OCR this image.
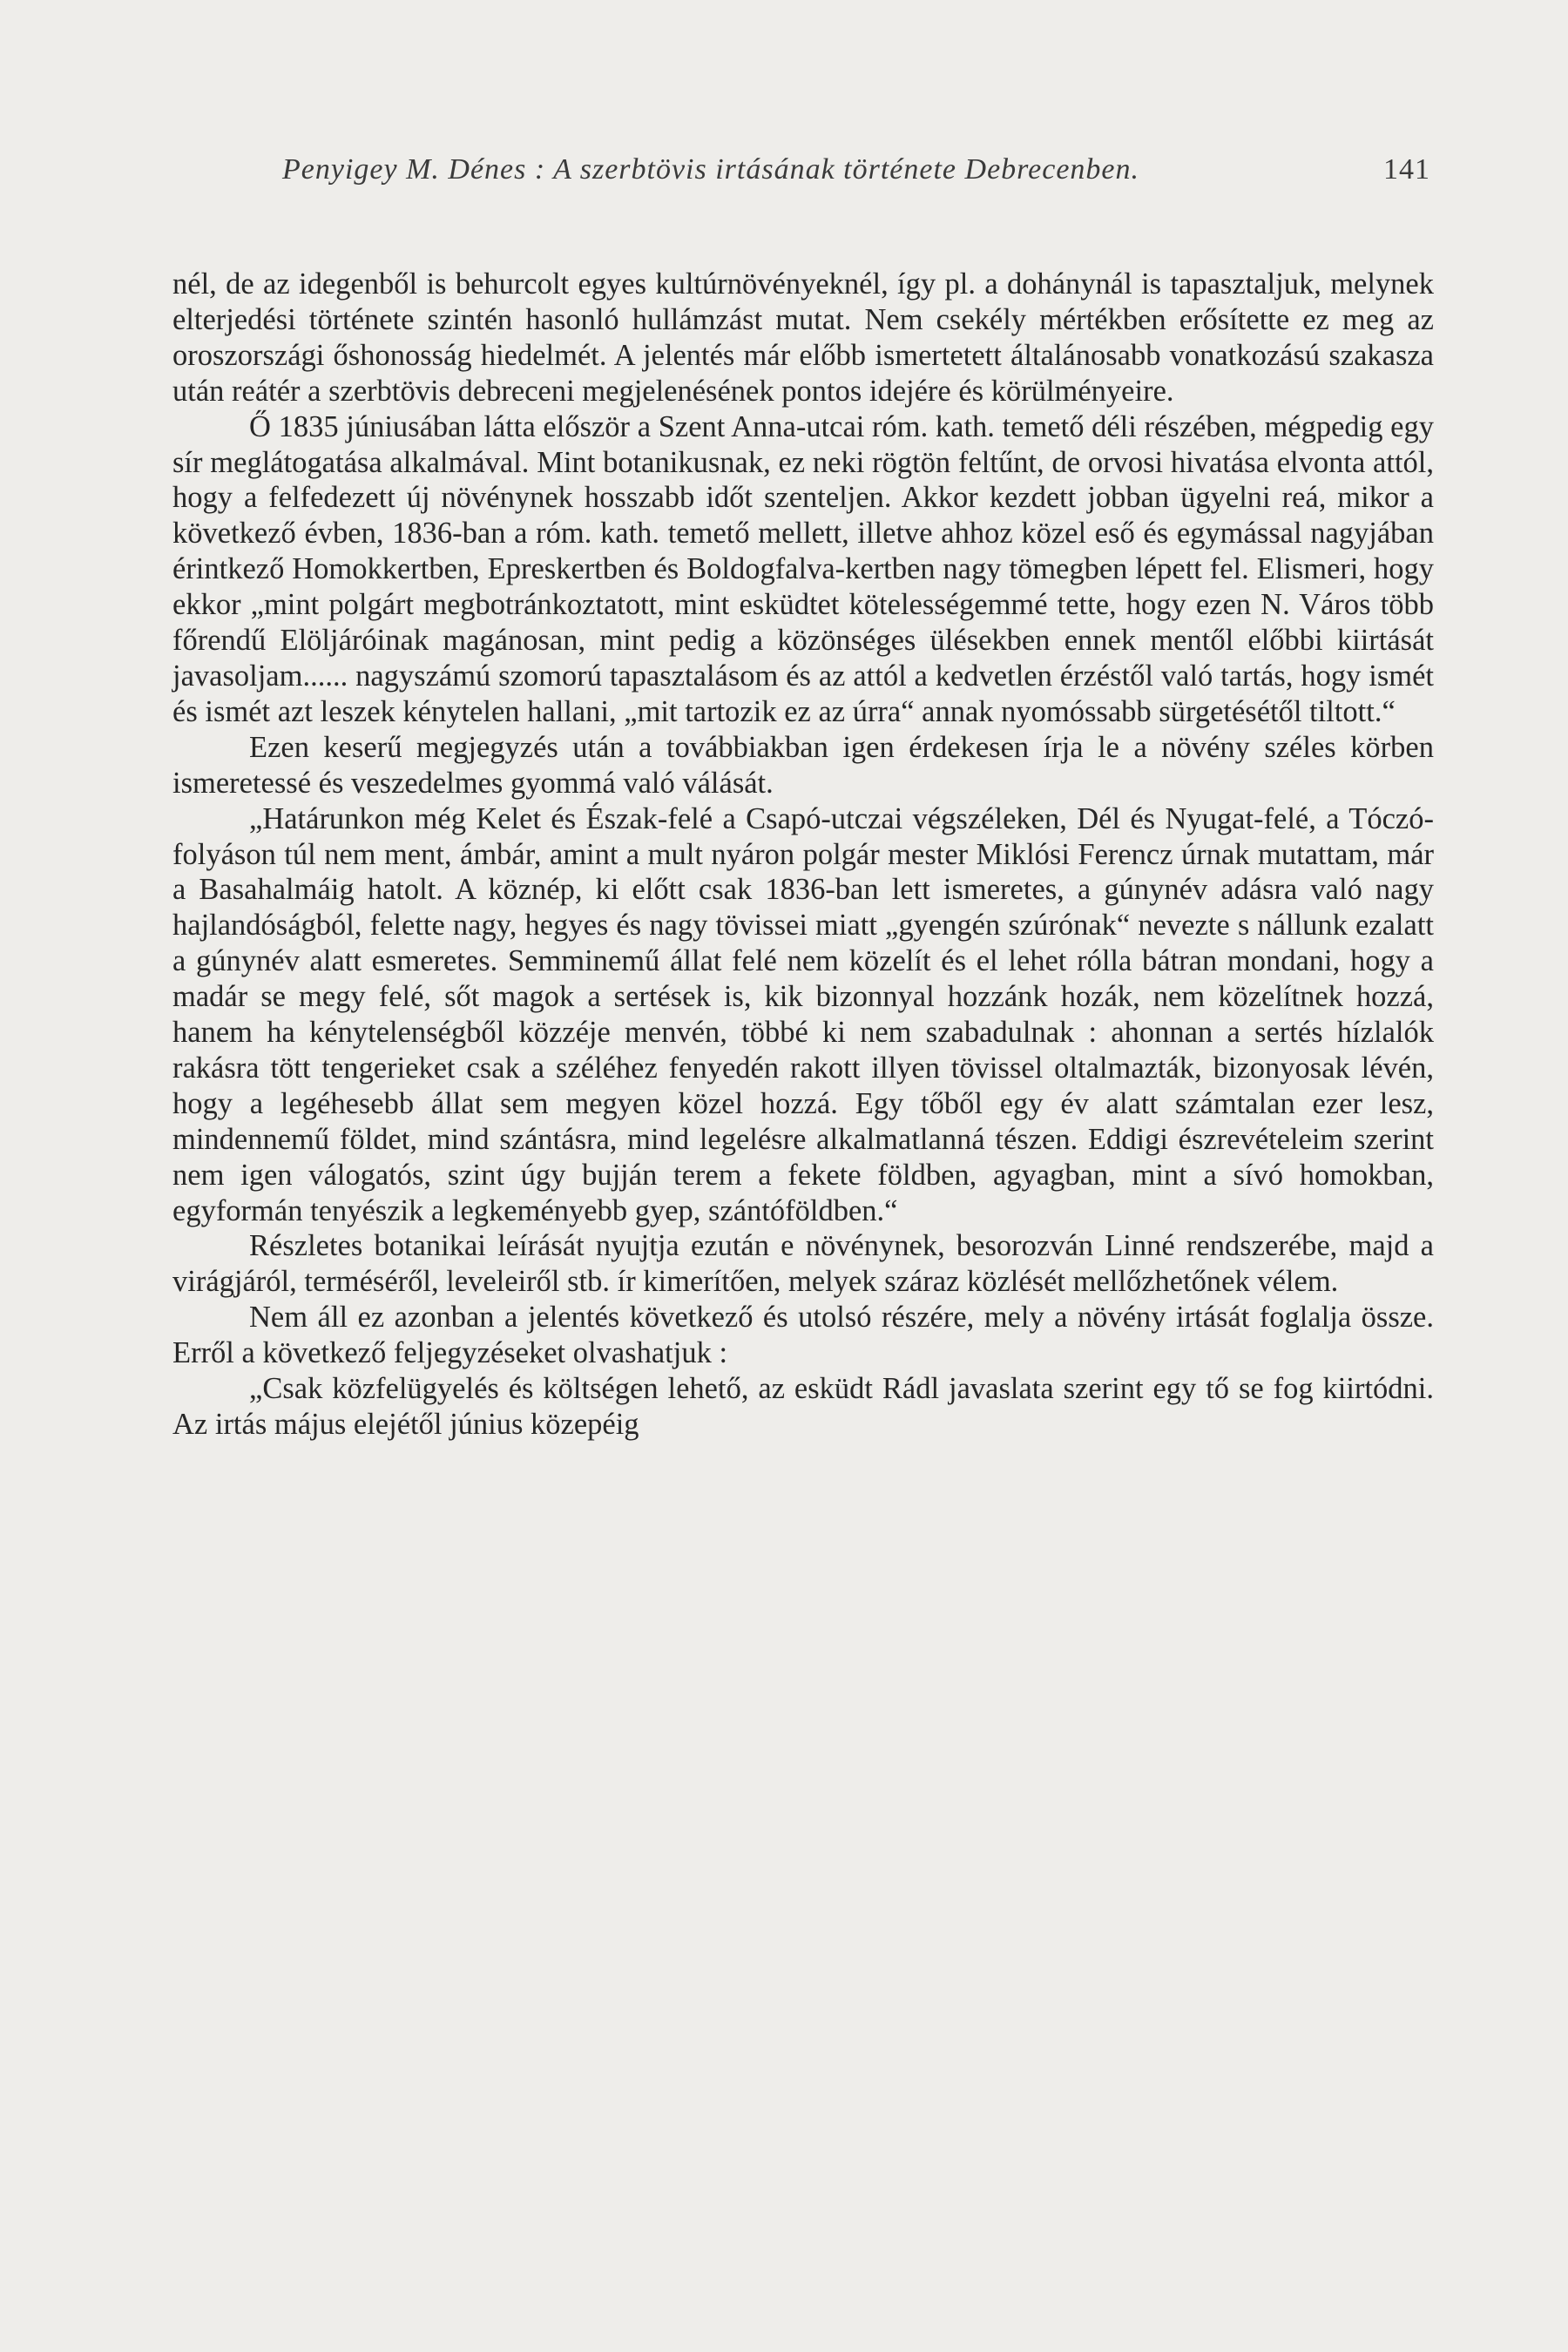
Penyigey M. Dénes : A szerbtövis irtásának története Debrecenben.	141

nél, de az idegenből is behurcolt egyes kultúrnövényeknél, így pl. a dohánynál is tapasztaljuk, melynek elterjedési története szintén hasonló hullámzást mutat. Nem csekély mértékben erősítette ez meg az oroszországi őshonosság hiedelmét. A jelentés már előbb ismertetett általánosabb vonatkozású szakasza után reátér a szerbtövis debreceni megjelenésének pontos idejére és körülményeire.

Ő 1835 júniusában látta először a Szent Anna-utcai róm. kath. temető déli részében, mégpedig egy sír meglátogatása alkalmával. Mint botanikusnak, ez neki rögtön feltűnt, de orvosi hivatása elvonta attól, hogy a felfedezett új növénynek hosszabb időt szenteljen. Akkor kezdett jobban ügyelni reá, mikor a következő évben, 1836-ban a róm. kath. temető mellett, illetve ahhoz közel eső és egymással nagyjában érintkező Homokkertben, Epreskertben és Boldogfalva-kertben nagy tömegben lépett fel. Elismeri, hogy ekkor „mint polgárt megbotránkoztatott, mint esküdtet kötelességemmé tette, hogy ezen N. Város több főrendű Elöljáróinak magánosan, mint pedig a közönséges ülésekben ennek mentől előbbi kiirtását javasoljam...... nagyszámú szomorú tapasztalásom és az attól a kedvetlen érzéstől való tartás, hogy ismét és ismét azt leszek kénytelen hallani, „mit tartozik ez az úrra“ annak nyomóssabb sürgetésétől tiltott.“

Ezen keserű megjegyzés után a továbbiakban igen érdekesen írja le a növény széles körben ismeretessé és veszedelmes gyommá való válását.

„Határunkon még Kelet és Észak-felé a Csapó-utczai végszéleken, Dél és Nyugat-felé, a Tóczó-folyáson túl nem ment, ámbár, amint a mult nyáron polgár mester Miklósi Ferencz úrnak mutattam, már a Basahalmáig hatolt. A köznép, ki előtt csak 1836-ban lett ismeretes, a gúnynév adásra való nagy hajlandóságból, felette nagy, hegyes és nagy tövissei miatt „gyengén szúrónak“ nevezte s nállunk ezalatt a gúnynév alatt esmeretes. Semminemű állat felé nem közelít és el lehet rólla bátran mondani, hogy a madár se megy felé, sőt magok a sertések is, kik bizonnyal hozzánk hozák, nem közelítnek hozzá, hanem ha kénytelenségből közzéje menvén, többé ki nem szabadulnak : ahonnan a sertés hízlalók rakásra tött tengerieket csak a széléhez fenyedén rakott illyen tövissel oltalmazták, bizonyosak lévén, hogy a legéhesebb állat sem megyen közel hozzá. Egy tőből egy év alatt számtalan ezer lesz, mindennemű földet, mind szántásra, mind legelésre alkalmatlanná tészen. Eddigi észrevételeim szerint nem igen válogatós, szint úgy bujján terem a fekete földben, agyagban, mint a sívó homokban, egyformán tenyészik a legkeményebb gyep, szántóföldben.“

Részletes botanikai leírását nyujtja ezután e növénynek, besorozván Linné rendszerébe, majd a virágjáról, terméséről, leveleiről stb. ír kimerítően, melyek száraz közlését mellőzhetőnek vélem.

Nem áll ez azonban a jelentés következő és utolsó részére, mely a növény irtását foglalja össze. Erről a következő feljegyzéseket olvashatjuk :

„Csak közfelügyelés és költségen lehető, az esküdt Rádl javaslata szerint egy tő se fog kiirtódni. Az irtás május elejétől június közepéig
